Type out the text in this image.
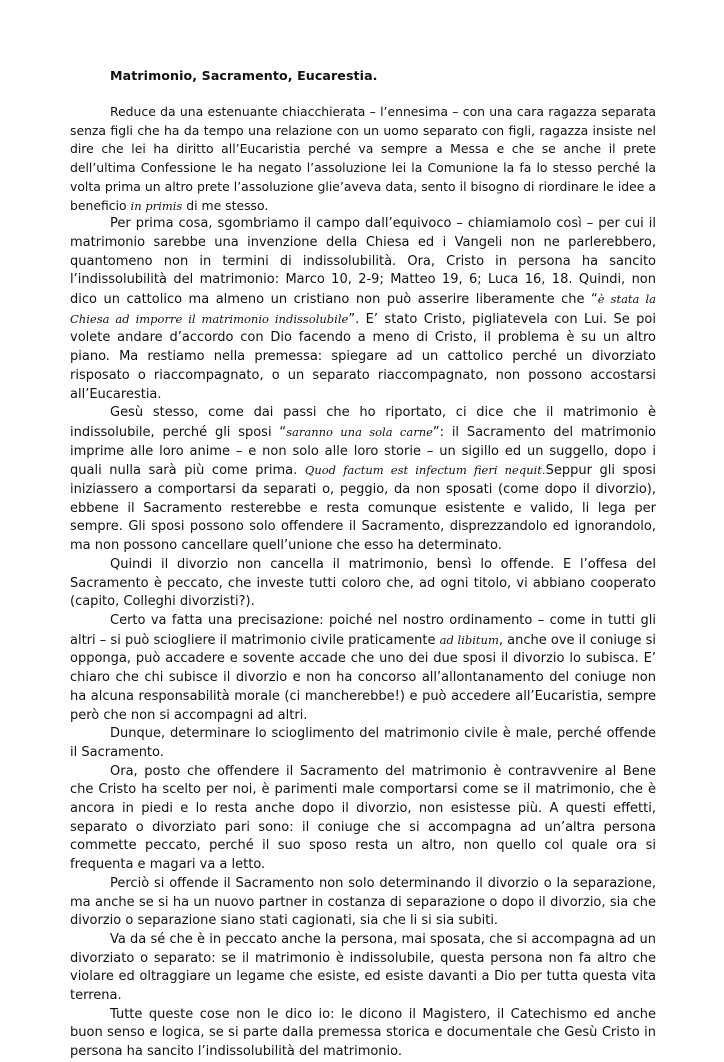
Matrimonio, Sacramento, Eucarestia.

Reduce da una estenuante chiacchierata – l’ennesima – con una cara ragazza separata senza figli che ha da tempo una relazione con un uomo separato con figli, ragazza insiste nel dire che lei ha diritto all’Eucaristia perché va sempre a Messa e che se anche il prete dell’ultima Confessione le ha negato l’assoluzione lei la Comunione la fa lo stesso perché la volta prima un altro prete l’assoluzione glie’aveva data, sento il bisogno di riordinare le idee a beneficio in primis di me stesso.

Per prima cosa, sgombriamo il campo dall’equivoco – chiamiamolo così – per cui il matrimonio sarebbe una invenzione della Chiesa ed i Vangeli non ne parlerebbero, quantomeno non in termini di indissolubilità. Ora, Cristo in persona ha sancito l’indissolubilità del matrimonio: Marco 10, 2-9; Matteo 19, 6; Luca 16, 18. Quindi, non dico un cattolico ma almeno un cristiano non può asserire liberamente che “è stata la Chiesa ad imporre il matrimonio indissolubile”. E’ stato Cristo, pigliatevela con Lui. Se poi volete andare d’accordo con Dio facendo a meno di Cristo, il problema è su un altro piano. Ma restiamo nella premessa: spiegare ad un cattolico perché un divorziato risposato o riaccompagnato, o un separato riaccompagnato, non possono accostarsi all’Eucarestia.

Gesù stesso, come dai passi che ho riportato, ci dice che il matrimonio è indissolubile, perché gli sposi “saranno una sola carne”: il Sacramento del matrimonio imprime alle loro anime – e non solo alle loro storie – un sigillo ed un suggello, dopo i quali nulla sarà più come prima. Quod factum est infectum fieri nequit.Seppur gli sposi iniziassero a comportarsi da separati o, peggio, da non sposati (come dopo il divorzio), ebbene il Sacramento resterebbe e resta comunque esistente e valido, li lega per sempre. Gli sposi possono solo offendere il Sacramento, disprezzandolo ed ignorandolo, ma non possono cancellare quell’unione che esso ha determinato.

Quindi il divorzio non cancella il matrimonio, bensì lo offende. E l’offesa del Sacramento è peccato, che investe tutti coloro che, ad ogni titolo, vi abbiano cooperato (capito, Colleghi divorzisti?).

Certo va fatta una precisazione: poiché nel nostro ordinamento – come in tutti gli altri – si può sciogliere il matrimonio civile praticamente ad libitum, anche ove il coniuge si opponga, può accadere e sovente accade che uno dei due sposi il divorzio lo subisca. E’ chiaro che chi subisce il divorzio e non ha concorso all’allontanamento del coniuge non ha alcuna responsabilità morale (ci mancherebbe!) e può accedere all’Eucaristia, sempre però che non si accompagni ad altri.

Dunque, determinare lo scioglimento del matrimonio civile è male, perché offende il Sacramento.

Ora, posto che offendere il Sacramento del matrimonio è contravvenire al Bene che Cristo ha scelto per noi, è parimenti male comportarsi come se il matrimonio, che è ancora in piedi e lo resta anche dopo il divorzio, non esistesse più. A questi effetti, separato o divorziato pari sono: il coniuge che si accompagna ad un’altra persona commette peccato, perché il suo sposo resta un altro, non quello col quale ora si frequenta e magari va a letto.

Perciò si offende il Sacramento non solo determinando il divorzio o la separazione, ma anche se si ha un nuovo partner in costanza di separazione o dopo il divorzio, sia che divorzio o separazione siano stati cagionati, sia che li si sia subiti.

Va da sé che è in peccato anche la persona, mai sposata, che si accompagna ad un divorziato o separato: se il matrimonio è indissolubile, questa persona non fa altro che violare ed oltraggiare un legame che esiste, ed esiste davanti a Dio per tutta questa vita terrena.

Tutte queste cose non le dico io: le dicono il Magistero, il Catechismo ed anche buon senso e logica, se si parte dalla premessa storica e documentale che Gesù Cristo in persona ha sancito l’indissolubilità del matrimonio.
